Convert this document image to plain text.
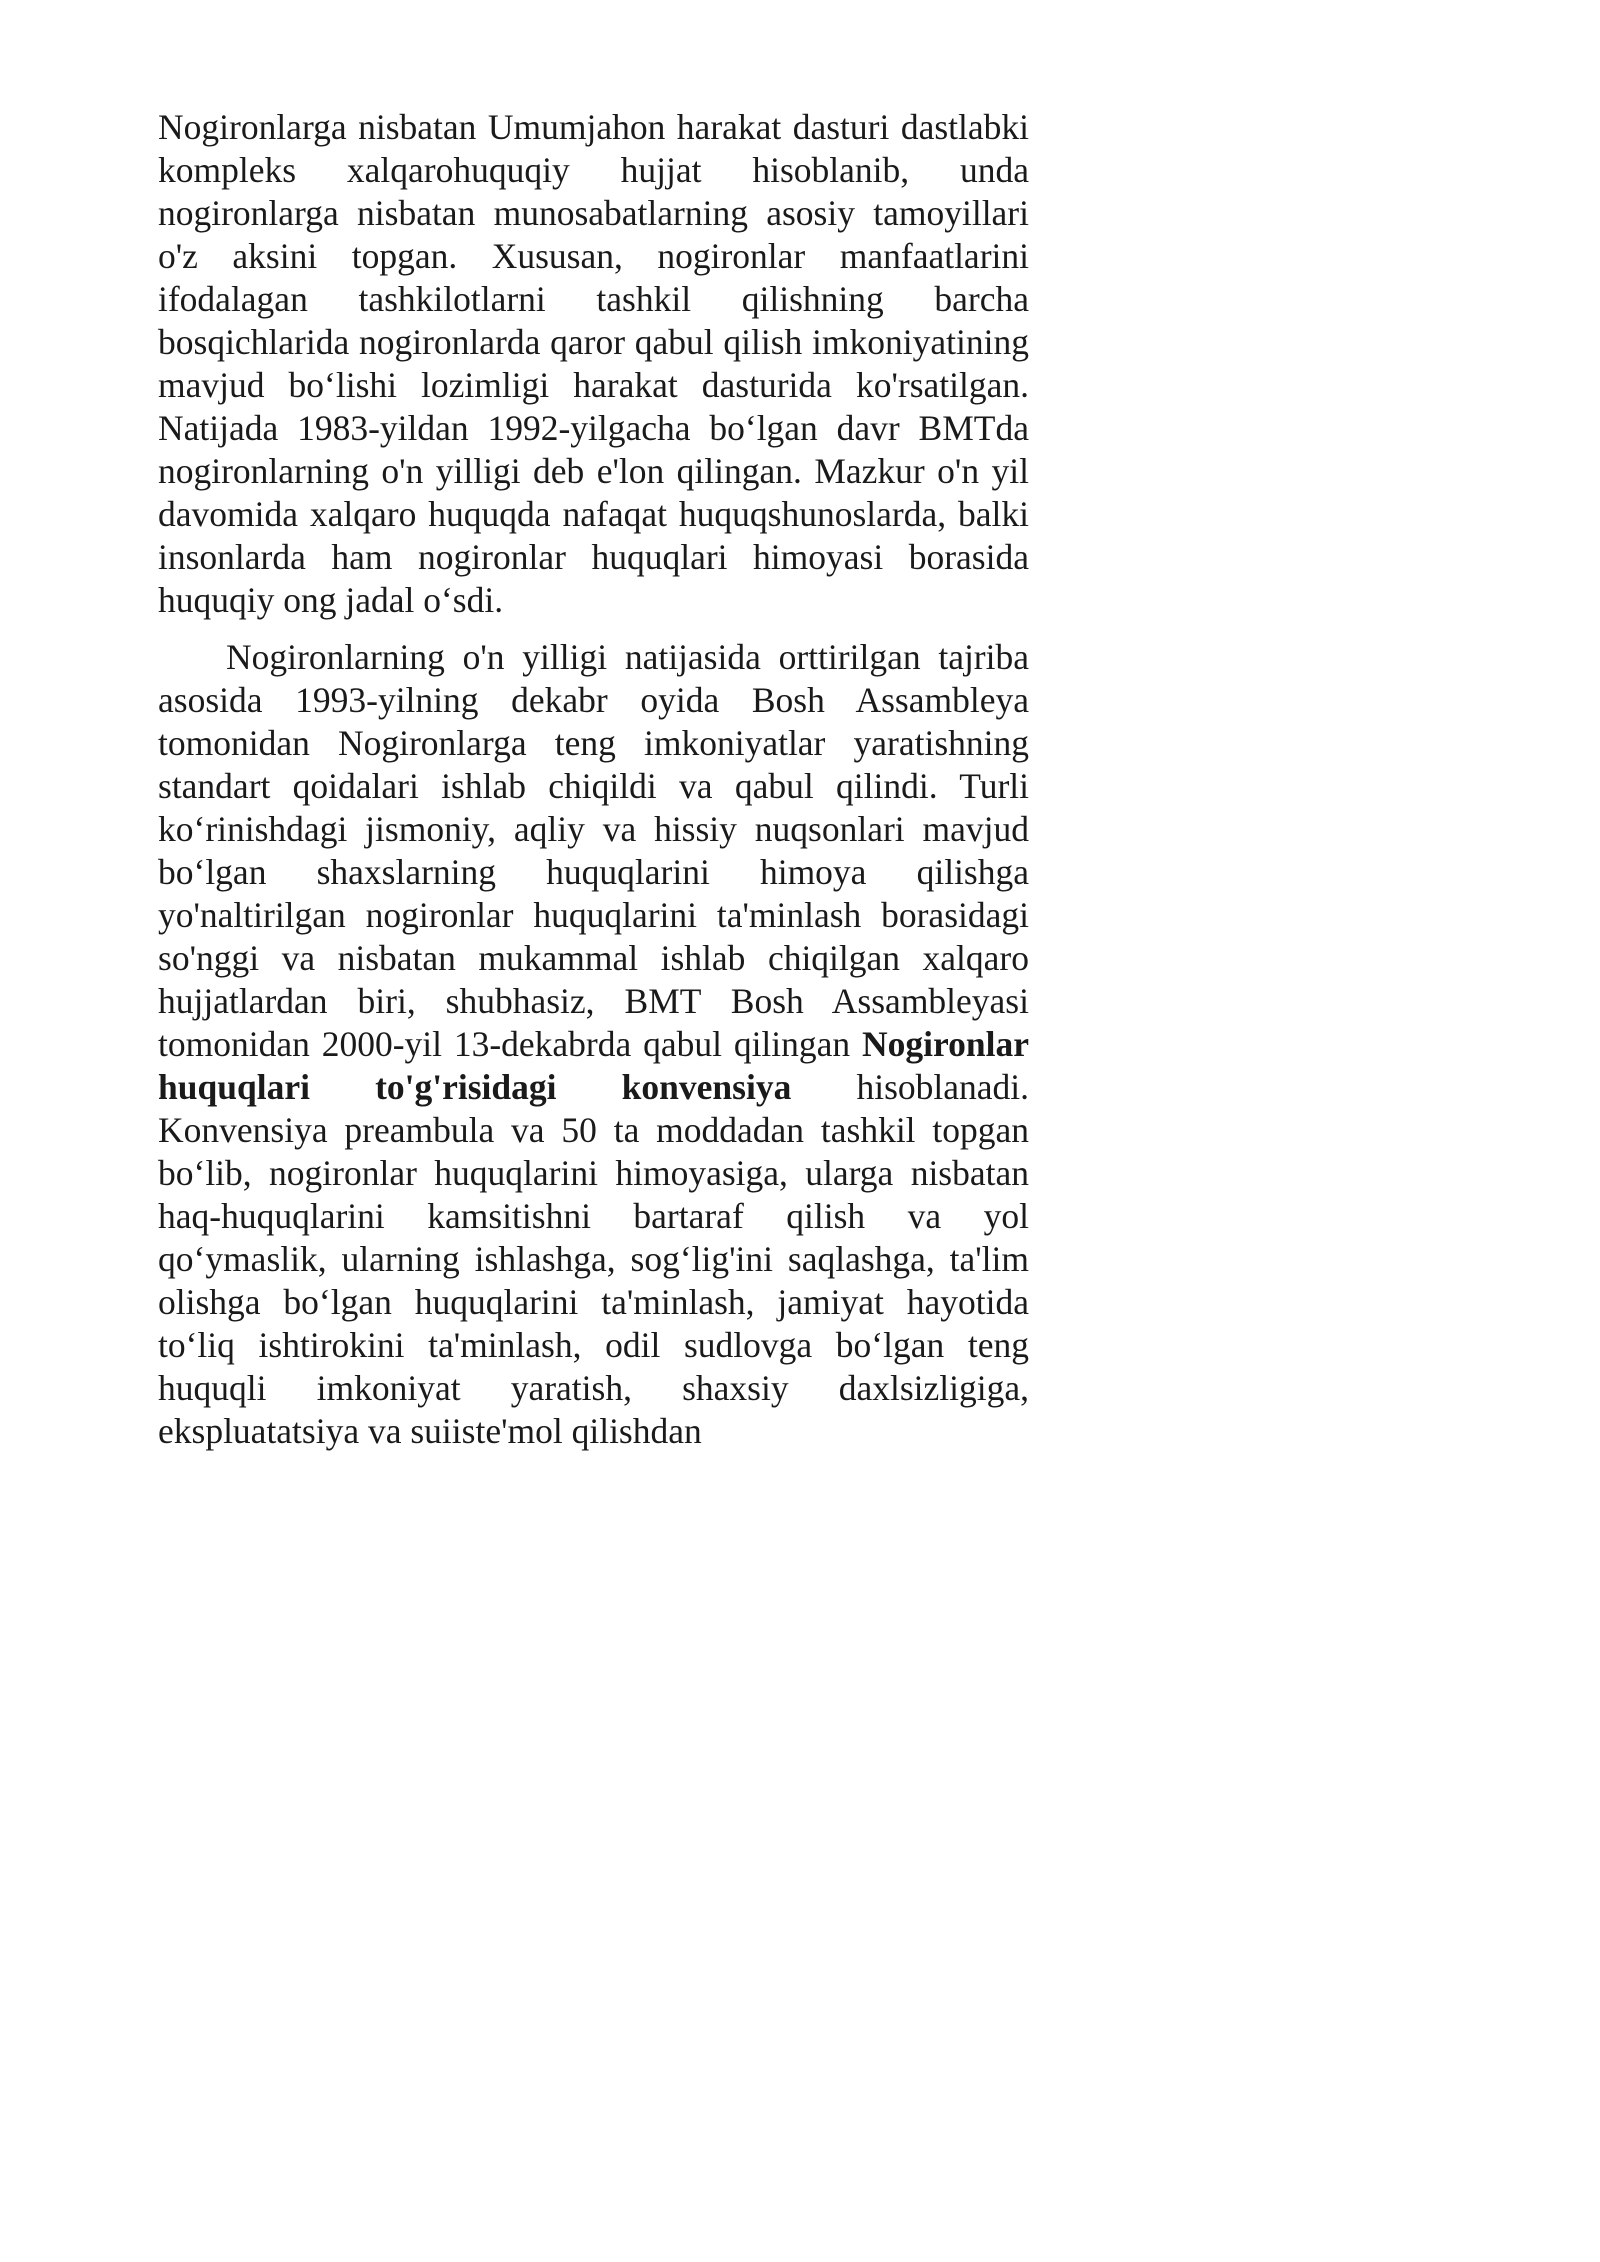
Nogironlarga nisbatan Umumjahon harakat dasturi dastlabki kompleks xalqarohuquqiy hujjat hisoblanib, unda nogironlarga nisbatan munosabatlarning asosiy tamoyillari o'z aksini topgan. Xususan, nogironlar manfaatlarini ifodalagan tashkilotlarni tashkil qilishning barcha bosqichlarida nogironlarda qaror qabul qilish imkoniyatining mavjud bo‘lishi lozimligi harakat dasturida ko'rsatilgan. Natijada 1983-yildan 1992-yilgacha bo‘lgan davr BMTda nogironlarning o'n yilligi deb e'lon qilingan. Mazkur o'n yil davomida xalqaro huquqda nafaqat huquqshunoslarda, balki insonlarda ham nogironlar huquqlari himoyasi borasida huquqiy ong jadal o‘sdi.

Nogironlarning o'n yilligi natijasida orttirilgan tajriba asosida 1993-yilning dekabr oyida Bosh Assambleya tomonidan Nogironlarga teng imkoniyatlar yaratishning standart qoidalari ishlab chiqildi va qabul qilindi. Turli ko‘rinishdagi jismoniy, aqliy va hissiy nuqsonlari mavjud bo‘lgan shaxslarning huquqlarini himoya qilishga yo'naltirilgan nogironlar huquqlarini ta'minlash borasidagi so'nggi va nisbatan mukammal ishlab chiqilgan xalqaro hujjatlardan biri, shubhasiz, BMT Bosh Assambleyasi tomonidan 2000-yil 13-dekabrda qabul qilingan Nogironlar huquqlari to'g'risidagi konvensiya hisoblanadi. Konvensiya preambula va 50 ta moddadan tashkil topgan bo‘lib, nogironlar huquqlarini himoyasiga, ularga nisbatan haq-huquqlarini kamsitishni bartaraf qilish va yol qo‘ymaslik, ularning ishlashga, sog‘lig'ini saqlashga, ta'lim olishga bo‘lgan huquqlarini ta'minlash, jamiyat hayotida to‘liq ishtirokini ta'minlash, odil sudlovga bo‘lgan teng huquqli imkoniyat yaratish, shaxsiy daxlsizligiga, ekspluatatsiya va suiiste'mol qilishdan
